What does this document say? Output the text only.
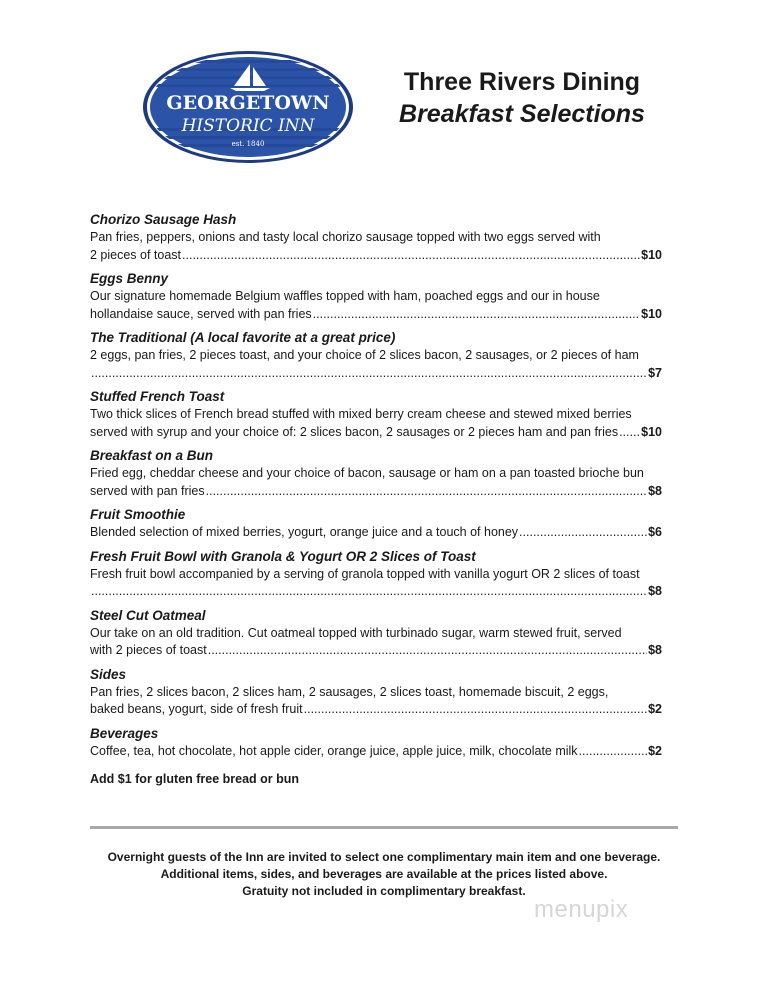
GEORGETOWN
HISTORIC INN
est. 1840
Three Rivers Dining
Breakfast Selections
Chorizo Sausage Hash
Pan fries, peppers, onions and tasty local chorizo sausage topped with two eggs served with
2 pieces of toast .....	$10
Eggs Benny
Our signature homemade Belgium waffles topped with ham, poached eggs and our in house
hollandaise sauce, served with pan fries .....	$10
The Traditional (A local favorite at a great price)
2 eggs, pan fries, 2 pieces toast, and your choice of 2 slices bacon, 2 sausages, or 2 pieces of ham
.....
$7
Stuffed French Toast
Two thick slices of French bread stuffed with mixed berry cream cheese and stewed mixed berries
served with syrup and your choice of: 2 slices bacon, 2 sausages or 2 pieces ham and pan fries ..... $10
Breakfast on a Bun
Fried egg, cheddar cheese and your choice of bacon, sausage or ham on a pan toasted brioche bun
served with pan fries .....	$8
Fruit Smoothie
Blended selection of mixed berries, yogurt, orange juice and a touch of honey .....	$6
Fresh Fruit Bowl with Granola & Yogurt OR 2 Slices of Toast
Fresh fruit bowl accompanied by a serving of granola topped with vanilla yogurt OR 2 slices of toast
.....
$8
Steel Cut Oatmeal
Our take on an old tradition. Cut oatmeal topped with turbinado sugar, warm stewed fruit, served
with 2 pieces of toast .....	$8
Sides
Pan fries, 2 slices bacon, 2 slices ham, 2 sausages, 2 slices toast, homemade biscuit, 2 eggs,
baked beans, yogurt, side of fresh fruit .....	$2
Beverages
Coffee, tea, hot chocolate, hot apple cider, orange juice, apple juice, milk, chocolate milk .....	$2
Add $1 for gluten free bread or bun
Overnight guests of the Inn are invited to select one complimentary main item and one beverage.
Additional items, sides, and beverages are available at the prices listed above.
Gratuity not included in complimentary breakfast.
menupix
